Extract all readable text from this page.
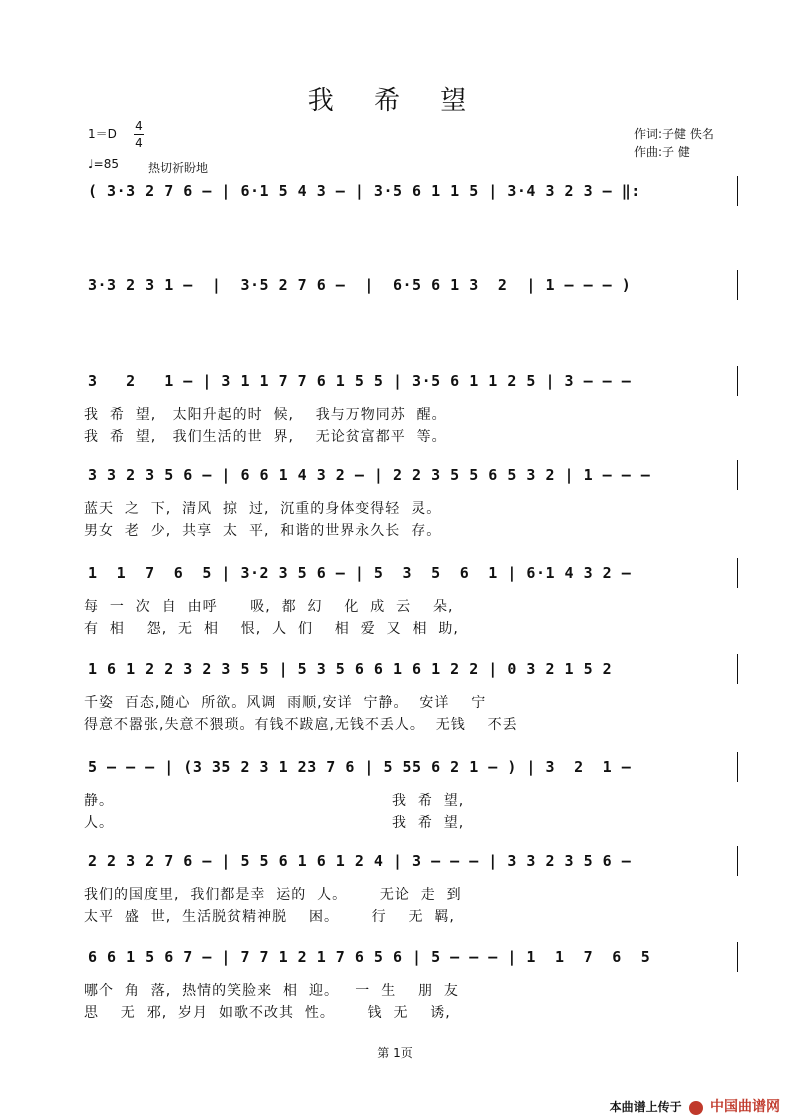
我 希 望
1＝D
4
4
♩=85 热切祈盼地
作词:子健 佚名
作曲:子 健
( 3·3 2 7 6 – | 6·1 5 4 3 – | 3·5 6 1 1 5 | 3·4 3 2 3 – ‖:
3·3 2 3 1 –  |  3·5 2 7 6 –  |  6·5 6 1 3  2  | 1 – – – )
3   2   1 – | 3 1 1 7 7 6 1 5 5 | 3·5 6 1 1 2 5 | 3 – – –
我  希  望,   太阳升起的时  候,    我与万物同苏  醒。
我  希  望,   我们生活的世  界,    无论贫富都平  等。
3 3 2 3 5 6 – | 6 6 1 4 3 2 – | 2 2 3 5 5 6 5 3 2 | 1 – – –
蓝天  之  下,  清风  掠  过,  沉重的身体变得轻  灵。
男女  老  少,  共享  太  平,  和谐的世界永久长  存。
1  1  7  6  5 | 3·2 3 5 6 – | 5  3  5  6  1 | 6·1 4 3 2 –
每  一  次  自  由呼      吸,  都  幻    化  成  云    朵,
有  相    怨,  无  相    恨,  人  们    相  爱  又  相  助,
1 6 1 2 2 3 2 3 5 5 | 5 3 5 6 6 1 6 1 2 2 | 0 3 2 1 5 2
千姿  百态,随心  所欲。风调  雨顺,安详  宁静。  安详    宁
得意不嚣张,失意不猥琐。有钱不跋扈,无钱不丢人。  无钱    不丢
5 – – – | (3 35 2 3 1 23 7 6 | 5 55 6 2 1 – ) | 3  2  1 –
静。                                                   我  希  望,
人。                                                   我  希  望,
2 2 3 2 7 6 – | 5 5 6 1 6 1 2 4 | 3 – – – | 3 3 2 3 5 6 –
我们的国度里,  我们都是幸  运的  人。      无论  走  到
太平  盛  世,  生活脱贫精神脱    困。      行    无  羁,
6 6 1 5 6 7 – | 7 7 1 2 1 7 6 5 6 | 5 – – – | 1  1  7  6  5
哪个  角  落,  热情的笑脸来  相  迎。   一  生    朋  友
思    无  邪,  岁月  如歌不改其  性。      钱  无    诱,
第 1页
本曲谱上传于 中国曲谱网
